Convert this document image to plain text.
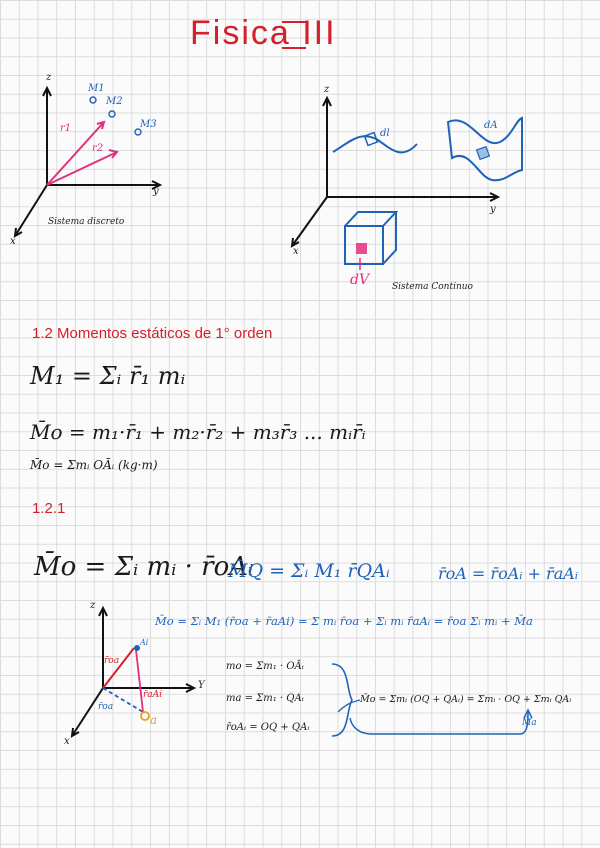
Fisica III
z
y
x
M1
M2
M3
r1
r2
Sistema discreto
z
y
x
dl
dA
dV	Sistema Continuo
1.2 Momentos estáticos de 1° orden
M₁ = Σᵢ r̄₁ mᵢ
M̄o = m₁·r̄₁ + m₂·r̄₂ + m₃r̄₃ ... mᵢr̄ᵢ
M̄o = Σmᵢ OĀᵢ (kg·m)
1.2.1
M̄o = Σᵢ mᵢ · r̄oAᵢ
M̄Q = Σᵢ M₁ r̄QAᵢ	r̄oA = r̄oAᵢ + r̄aAᵢ
M̄o = Σᵢ M₁ (r̄oa + r̄aAi) = Σ mᵢ r̄oa + Σᵢ mᵢ r̄aAᵢ = r̄oa Σᵢ mᵢ + M̄a
z
Y
x
r̄oa
r̄aAi
r̄oa
a
Ai
mo = Σm₁ · OĀᵢ
ma = Σm₁ · QAᵢ
r̄oAᵢ = OQ + QAᵢ
M̄o = Σmᵢ (OQ + QAᵢ) = Σmᵢ · OQ + Σmᵢ QAᵢ
M̄a
